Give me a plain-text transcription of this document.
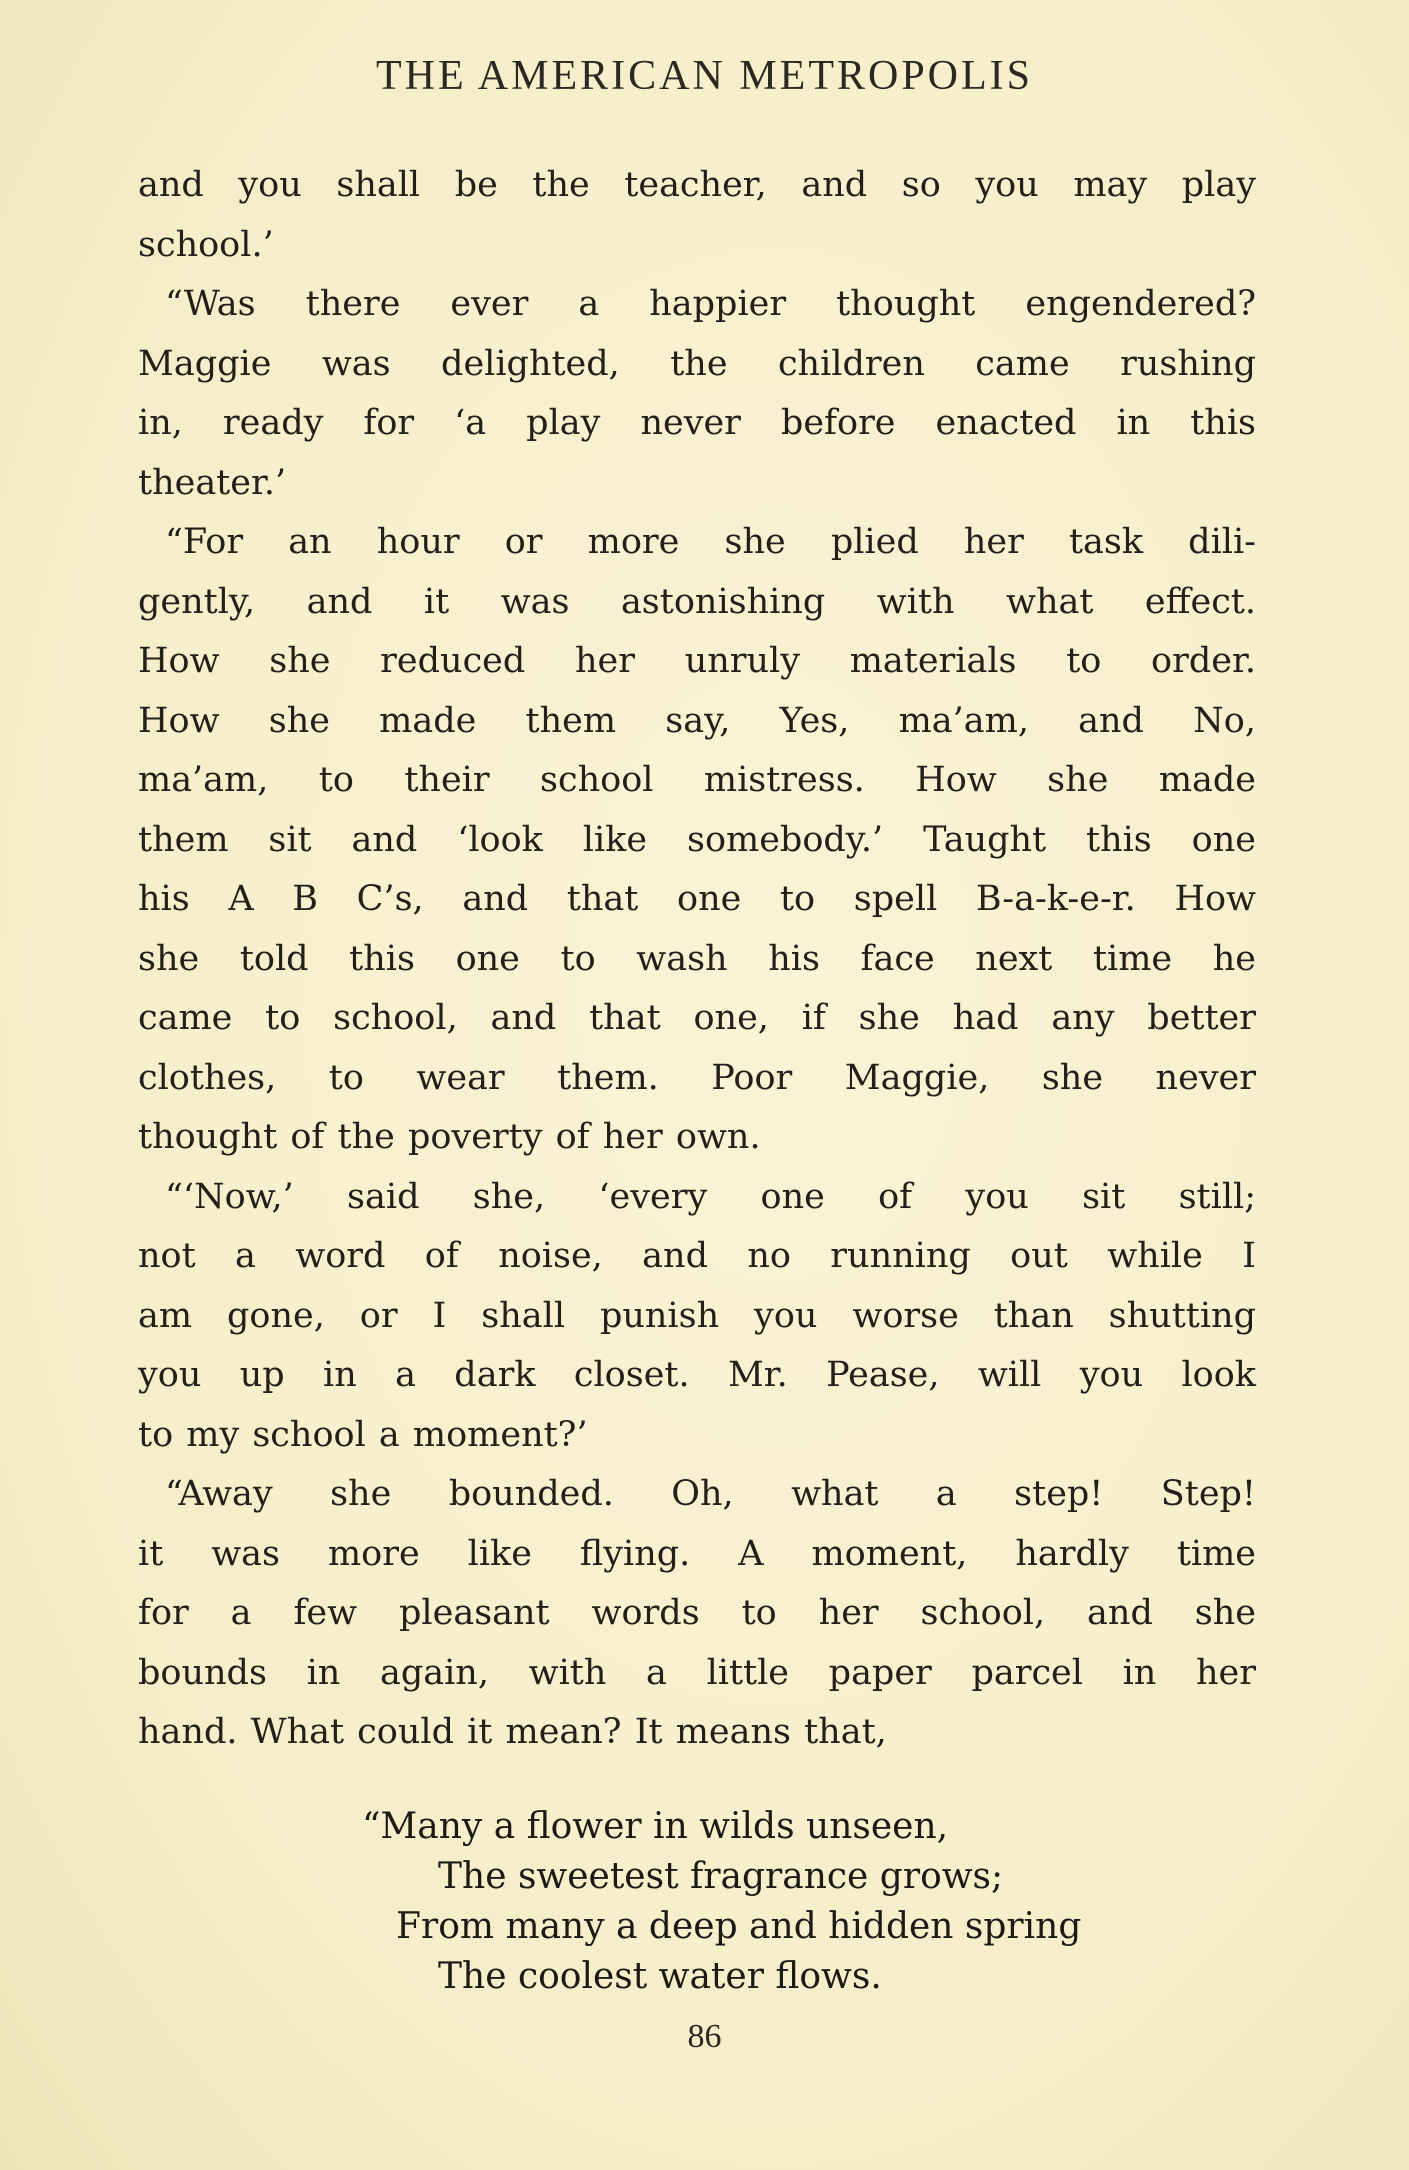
THE AMERICAN METROPOLIS
and you shall be the teacher, and so you may play
school.’
“Was there ever a happier thought engendered?
Maggie was delighted, the children came rushing
in, ready for ‘a play never before enacted in this
theater.’
“For an hour or more she plied her task dili-
gently, and it was astonishing with what effect.
How she reduced her unruly materials to order.
How she made them say, Yes, ma’am, and No,
ma’am, to their school mistress. How she made
them sit and ‘look like somebody.’ Taught this one
his A B C’s, and that one to spell B-a-k-e-r. How
she told this one to wash his face next time he
came to school, and that one, if she had any better
clothes, to wear them. Poor Maggie, she never
thought of the poverty of her own.
“‘Now,’ said she, ‘every one of you sit still;
not a word of noise, and no running out while I
am gone, or I shall punish you worse than shutting
you up in a dark closet. Mr. Pease, will you look
to my school a moment?’
“Away she bounded. Oh, what a step! Step!
it was more like flying. A moment, hardly time
for a few pleasant words to her school, and she
bounds in again, with a little paper parcel in her
hand. What could it mean? It means that,
“Many a flower in wilds unseen,
The sweetest fragrance grows;
From many a deep and hidden spring
The coolest water flows.
86
